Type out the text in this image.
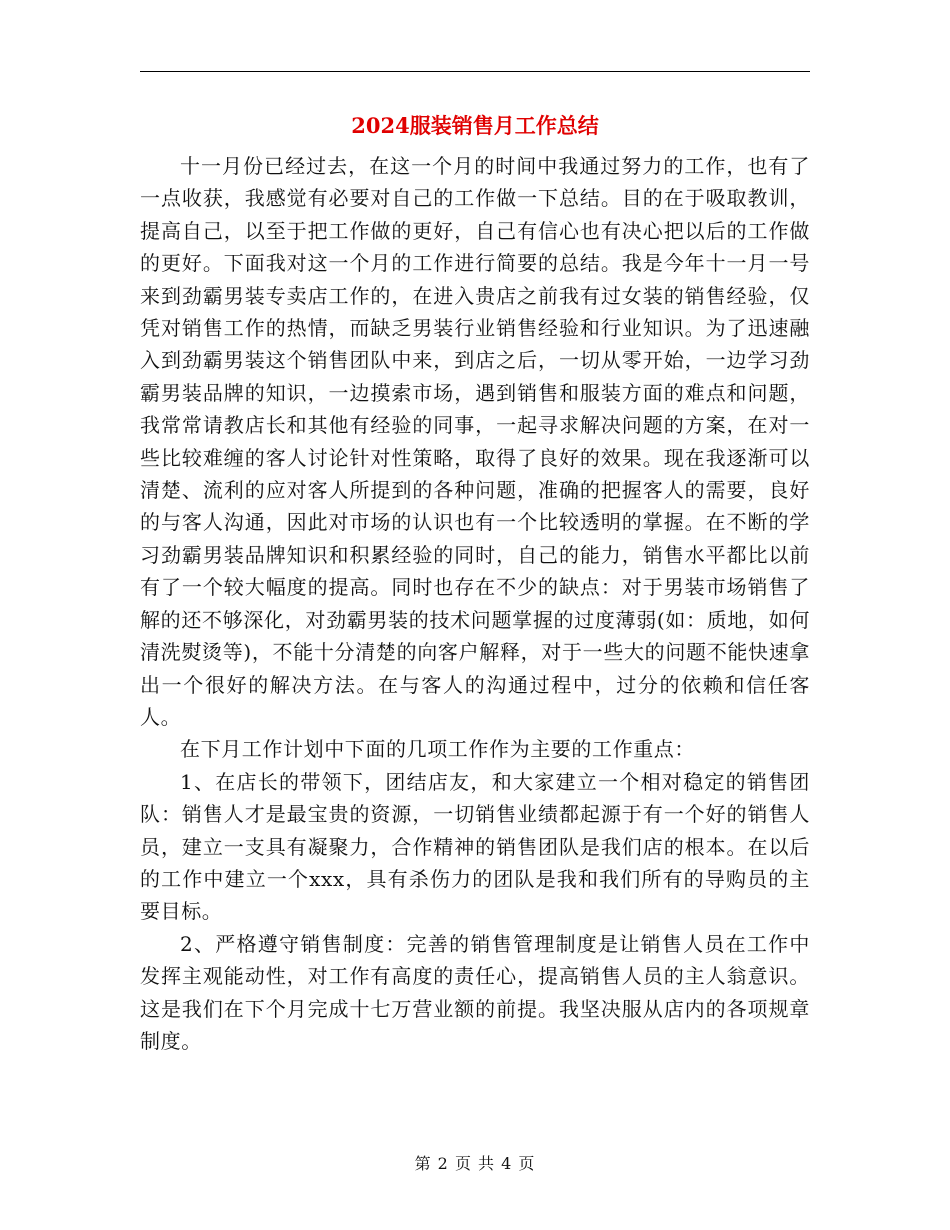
2024服装销售月工作总结

十一月份已经过去，在这一个月的时间中我通过努力的工作，也有了一点收获，我感觉有必要对自己的工作做一下总结。目的在于吸取教训，提高自己，以至于把工作做的更好，自己有信心也有决心把以后的工作做的更好。下面我对这一个月的工作进行简要的总结。我是今年十一月一号来到劲霸男装专卖店工作的，在进入贵店之前我有过女装的销售经验，仅凭对销售工作的热情，而缺乏男装行业销售经验和行业知识。为了迅速融入到劲霸男装这个销售团队中来，到店之后，一切从零开始，一边学习劲霸男装品牌的知识，一边摸索市场，遇到销售和服装方面的难点和问题，我常常请教店长和其他有经验的同事，一起寻求解决问题的方案，在对一些比较难缠的客人讨论针对性策略，取得了良好的效果。现在我逐渐可以清楚、流利的应对客人所提到的各种问题，准确的把握客人的需要，良好的与客人沟通，因此对市场的认识也有一个比较透明的掌握。在不断的学习劲霸男装品牌知识和积累经验的同时，自己的能力，销售水平都比以前有了一个较大幅度的提高。同时也存在不少的缺点：对于男装市场销售了解的还不够深化，对劲霸男装的技术问题掌握的过度薄弱(如：质地，如何清洗熨烫等)，不能十分清楚的向客户解释，对于一些大的问题不能快速拿出一个很好的解决方法。在与客人的沟通过程中，过分的依赖和信任客人。

在下月工作计划中下面的几项工作作为主要的工作重点：

1、在店长的带领下，团结店友，和大家建立一个相对稳定的销售团队：销售人才是最宝贵的资源，一切销售业绩都起源于有一个好的销售人员，建立一支具有凝聚力，合作精神的销售团队是我们店的根本。在以后的工作中建立一个xxx，具有杀伤力的团队是我和我们所有的导购员的主要目标。

2、严格遵守销售制度：完善的销售管理制度是让销售人员在工作中发挥主观能动性，对工作有高度的责任心，提高销售人员的主人翁意识。这是我们在下个月完成十七万营业额的前提。我坚决服从店内的各项规章制度。

第 2 页 共 4 页
